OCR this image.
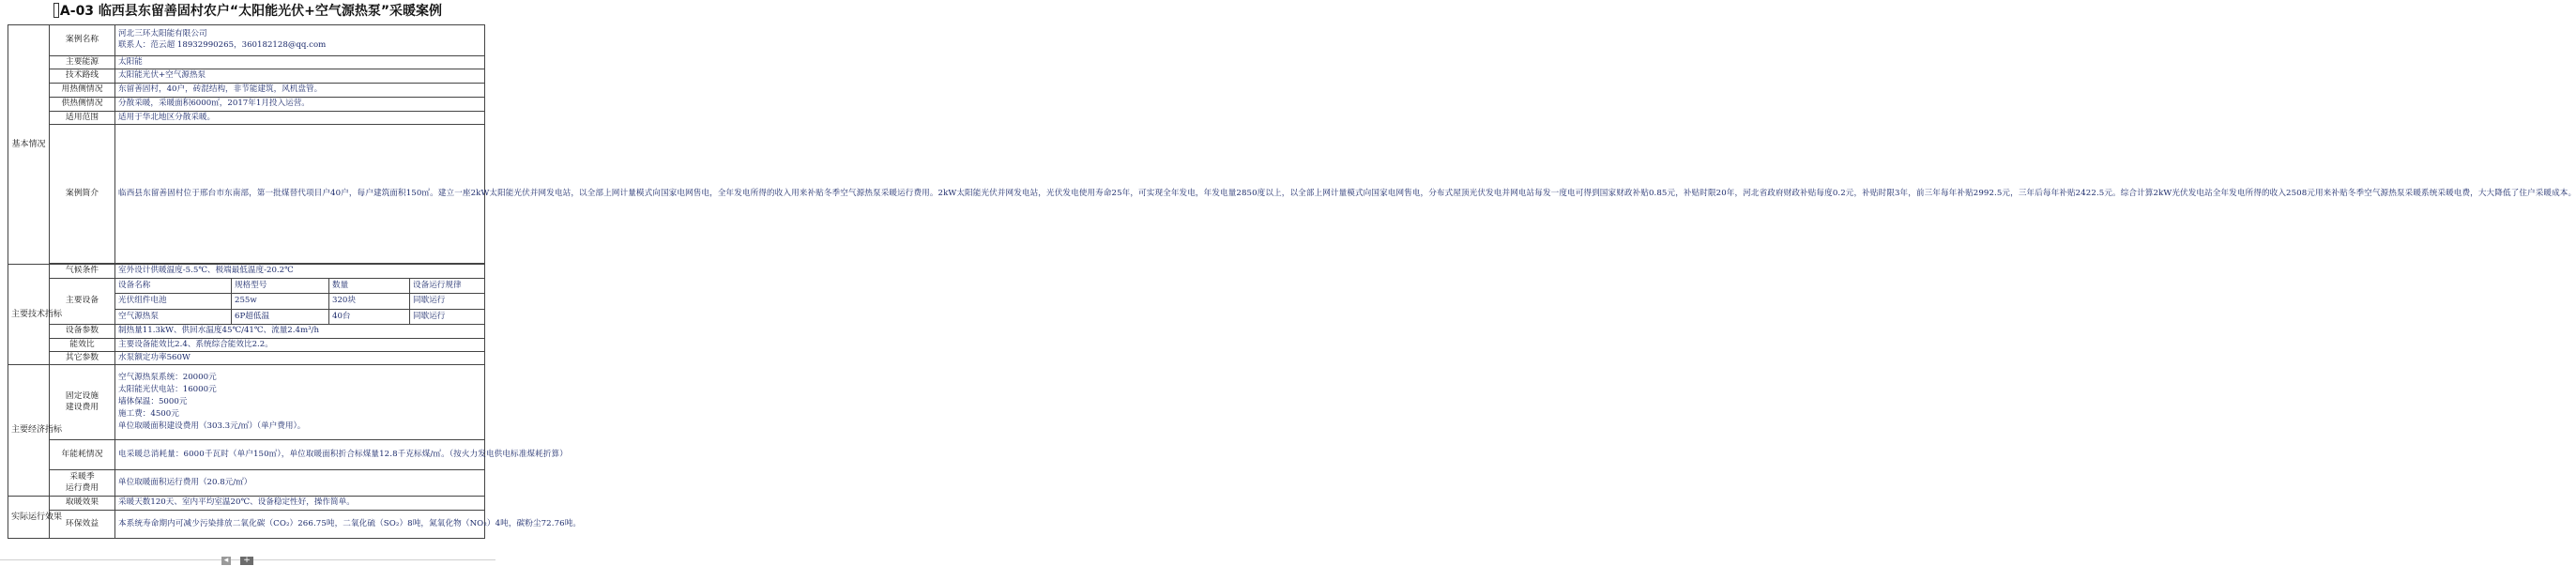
A-03 临西县东留善固村农户“太阳能光伏+空气源热泵”采暖案例
基本情况	案例名称	河北三环太阳能有限公司
联系人：范云超 18932990265，360182128@qq.com			

	主要能源	太阳能			
	技术路线	太阳能光伏+空气源热泵			
	用热侧情况	东留善固村，40户，砖混结构，非节能建筑，风机盘管。			
	供热侧情况	分散采暖，采暖面积6000㎡，2017年1月投入运营。			
	适用范围	适用于华北地区分散采暖。			
	案例简介	临西县东留善固村位于邢台市东南部，第一批煤替代项目户40户，每户建筑面积150㎡。建立一座2kW太阳能光伏并网发电站，以全部上网计量模式向国家电网售电，全年发电所得的收入用来补贴冬季空气源热泵采暖运行费用。2kW太阳能光伏并网发电站，光伏发电使用寿命25年，可实现全年发电，年发电量2850度以上，以全部上网计量模式向国家电网售电，分布式屋顶光伏发电并网电站每发一度电可得到国家财政补贴0.85元，补贴时限20年，河北省政府财政补贴每度0.2元，补贴时限3年，前三年每年补贴2992.5元，三年后每年补贴2422.5元。综合计算2kW光伏发电站全年发电所得的收入2508元用来补贴冬季空气源热泵采暖系统采暖电费，大大降低了住户采暖成本。			

主要技术指标	气候条件	室外设计供暖温度-5.5℃、极端最低温度-20.2℃			
	主要设备	设备名称	规格型号	数量	设备运行规律
		光伏组件电池	255w	320块	同歇运行
		空气源热泵	6P超低温	40台	同歇运行
	设备参数	制热量11.3kW、供回水温度45℃/41℃、流量2.4m³/h			
	能效比	主要设备能效比2.4、系统综合能效比2.2。			
	其它参数	水泵额定功率560W			
主要经济指标	固定设施
建设费用	空气源热泵系统：20000元
太阳能光伏电站：16000元
墙体保温：5000元
施工费：4500元
单位取暖面积建设费用（303.3元/㎡）（单户费用）。			

	年能耗情况	电采暖总消耗量：6000千瓦时（单户150㎡），单位取暖面积折合标煤量12.8千克标煤/㎡。（按火力发电供电标准煤耗折算）			

	采暖季
运行费用	单位取暖面积运行费用（20.8元/㎡）			
实际运行效果	取暖效果	采暖天数120天、室内平均室温20℃、设备稳定性好，操作简单。			
	环保效益	本系统寿命期内可减少污染排放二氧化碳（CO₂）266.75吨，二氧化硫（SO₂）8吨，氮氧化物（NO₂）4吨，碳粉尘72.76吨。			
◂	+
